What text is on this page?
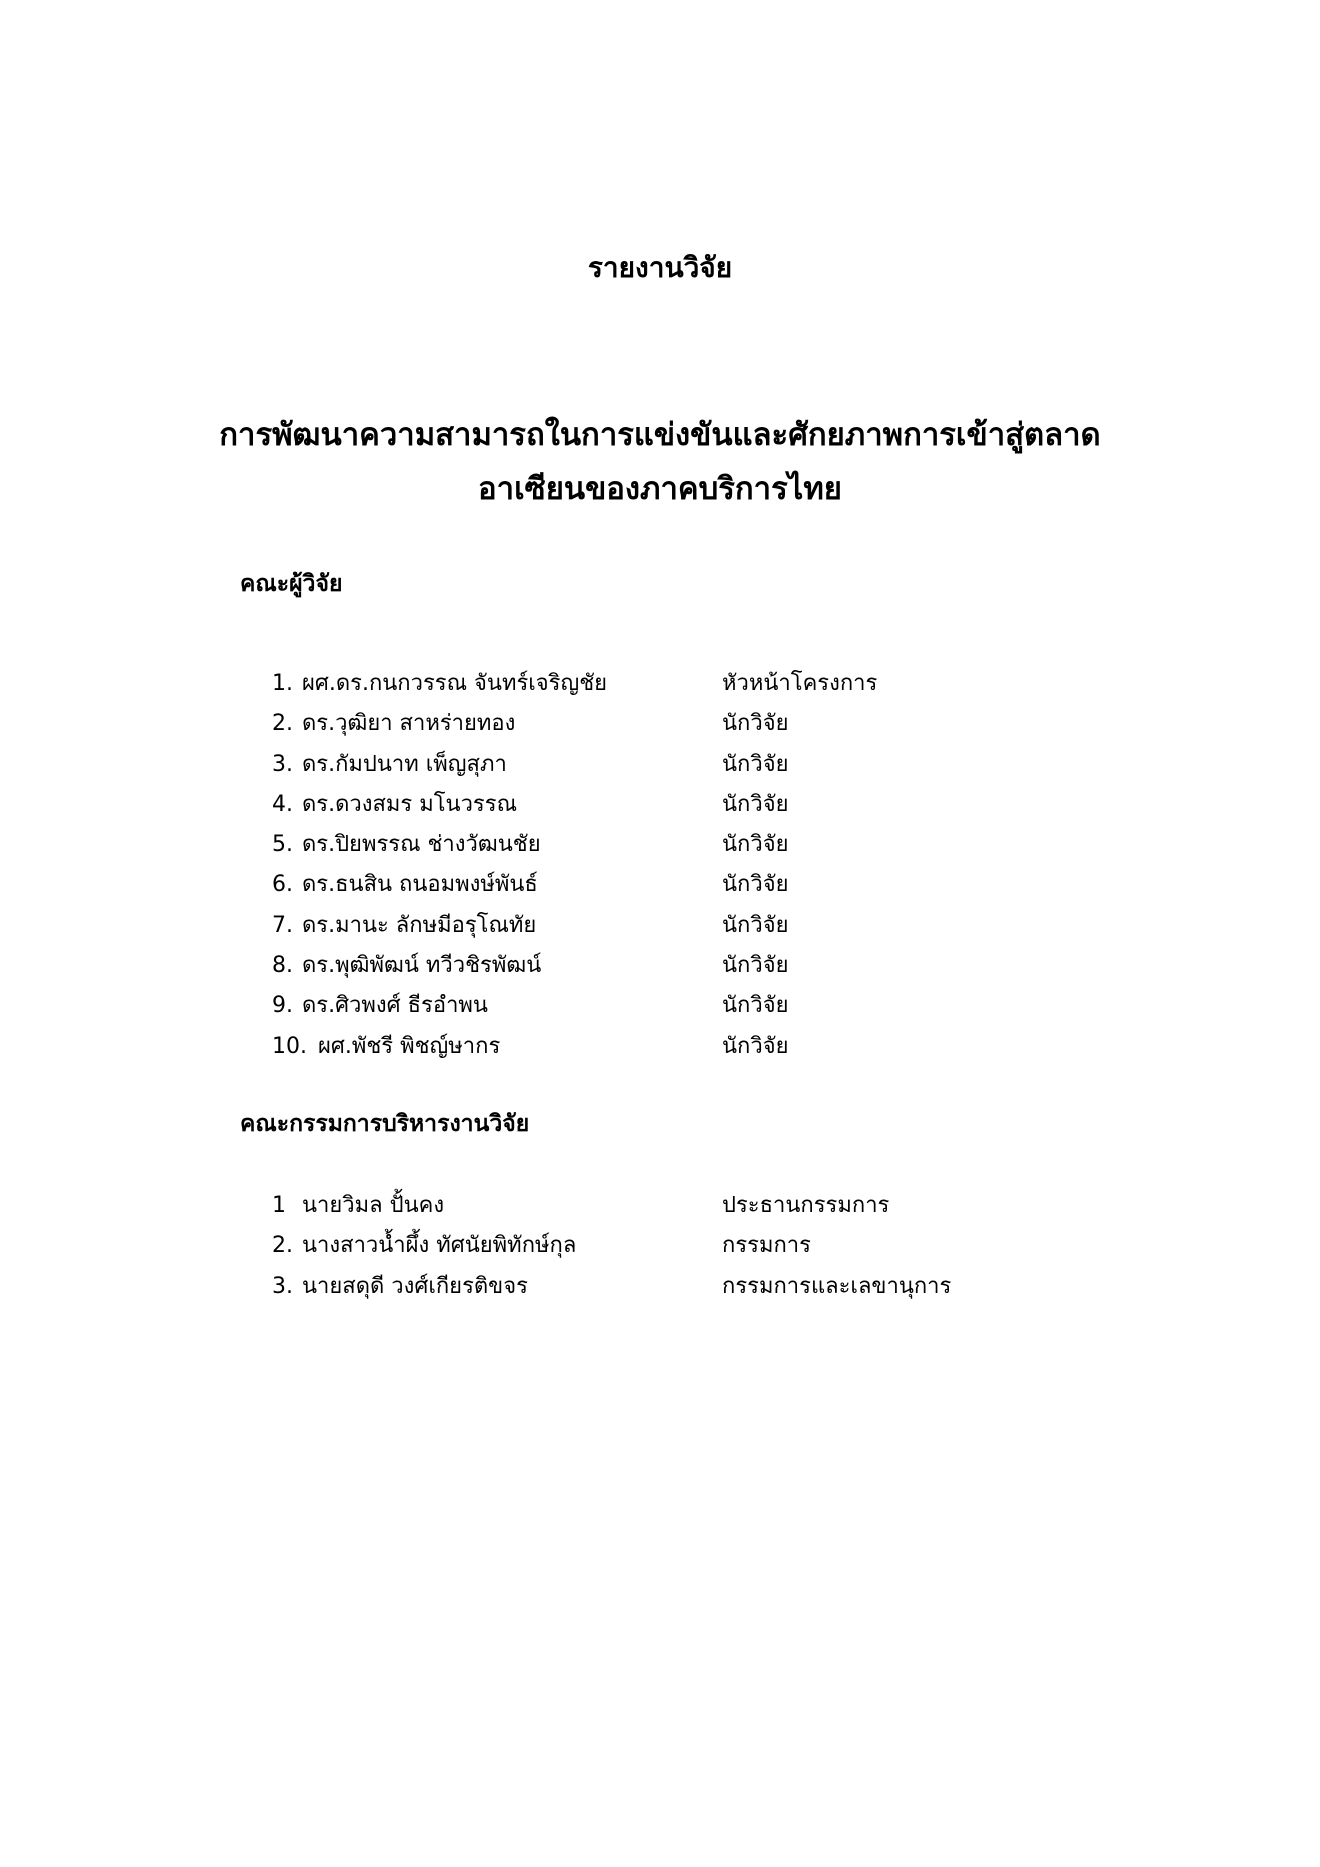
รายงานวิจัย
การพัฒนาความสามารถในการแข่งขันและศักยภาพการเข้าสู่ตลาด
อาเซียนของภาคบริการไทย
คณะผู้วิจัย
1. ผศ.ดร.กนกวรรณ จันทร์เจริญชัย	หัวหน้าโครงการ
2. ดร.วุฒิยา สาหร่ายทอง	นักวิจัย
3. ดร.กัมปนาท เพ็ญสุภา	นักวิจัย
4. ดร.ดวงสมร มโนวรรณ	นักวิจัย
5. ดร.ปิยพรรณ ช่างวัฒนชัย	นักวิจัย
6. ดร.ธนสิน ถนอมพงษ์พันธ์	นักวิจัย
7. ดร.มานะ ลักษมีอรุโณทัย	นักวิจัย
8. ดร.พุฒิพัฒน์ ทวีวชิรพัฒน์	นักวิจัย
9. ดร.ศิวพงศ์ ธีรอำพน	นักวิจัย
10. ผศ.พัชรี พิชญ์ษากร	นักวิจัย
คณะกรรมการบริหารงานวิจัย
1 นายวิมล ปั้นคง	ประธานกรรมการ
2. นางสาวน้ำผึ้ง ทัศนัยพิทักษ์กุล	กรรมการ
3. นายสดุดี วงศ์เกียรติขจร	กรรมการและเลขานุการ
